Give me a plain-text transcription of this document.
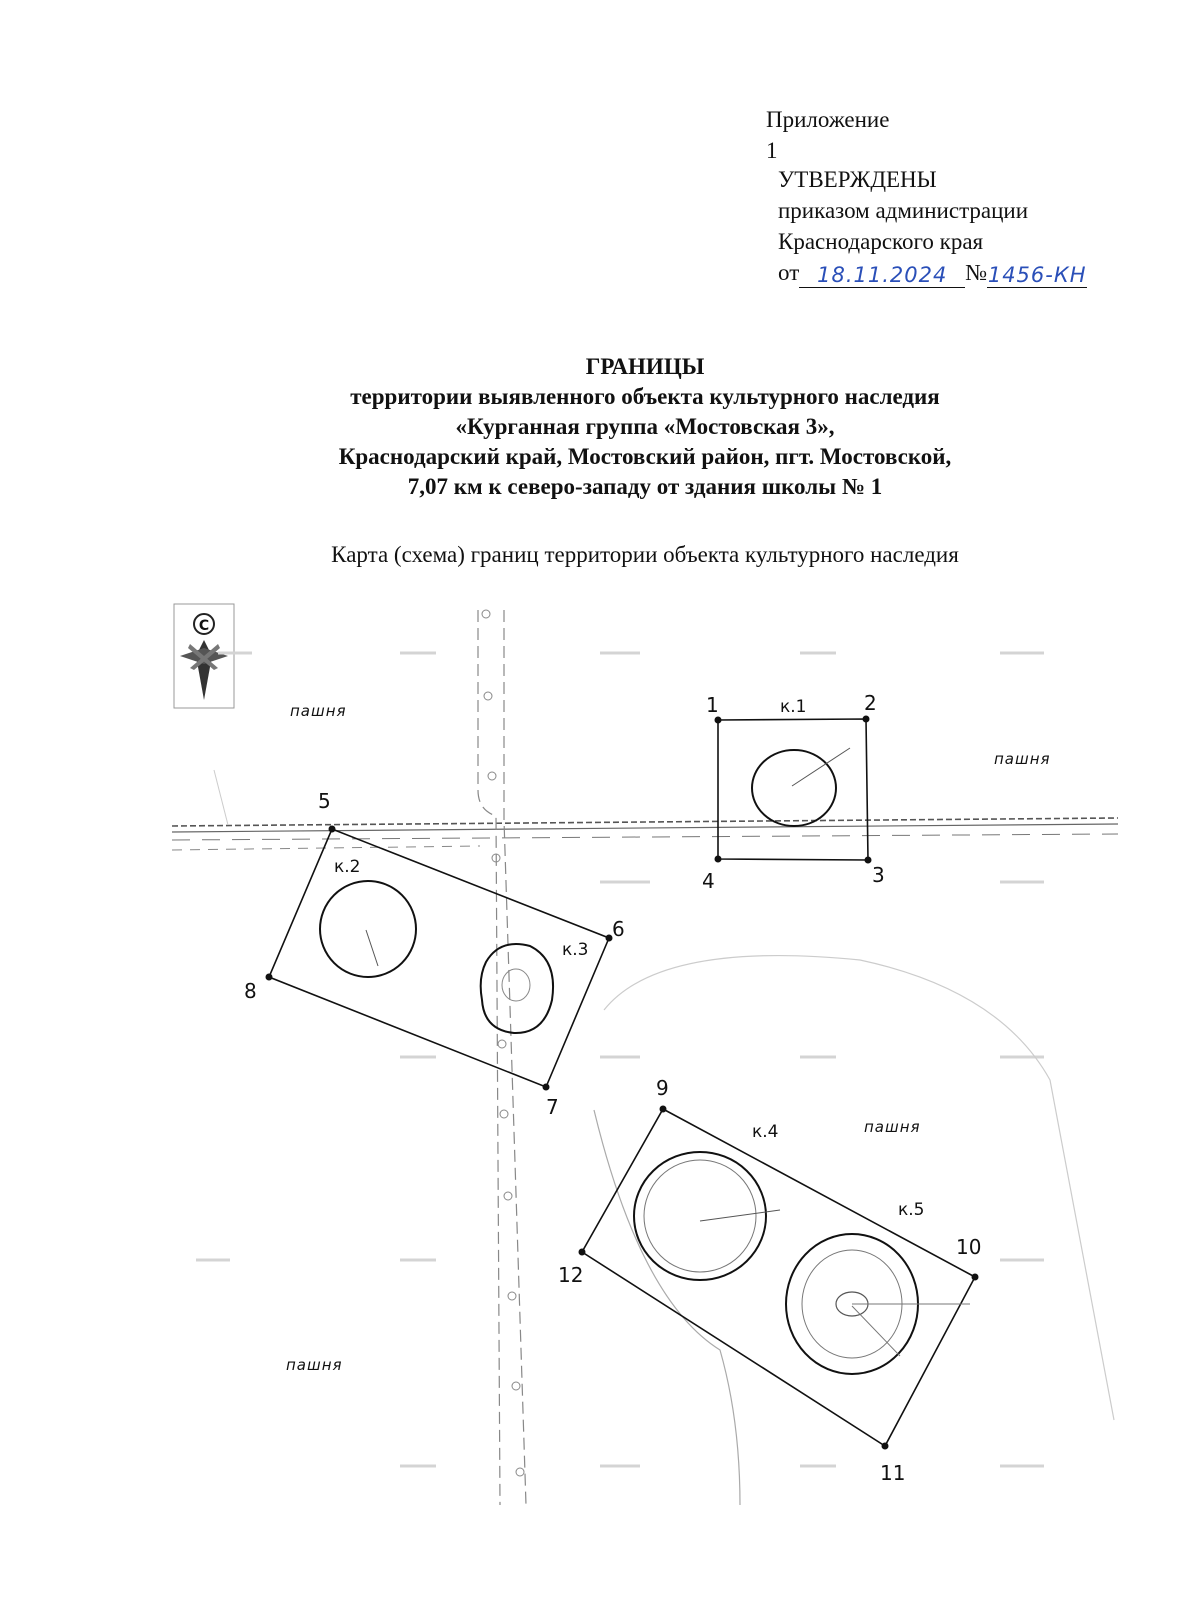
Приложение 1
УТВЕРЖДЕНЫ
приказом администрации
Краснодарского края
от 18.11.2024 №1456-КН
ГРАНИЦЫ
территории выявленного объекта культурного наследия
«Курганная группа «Мостовская 3»,
Краснодарский край, Мостовский район, пгт. Мостовской,
7,07 км к северо-западу от здания школы № 1
Карта (схема) границ территории объекта культурного наследия
С
1	2
3
4
5
6
7
8
9
10
11
12
к.1
к.2
к.3
к.4
к.5
пашня
пашня
пашня
пашня
